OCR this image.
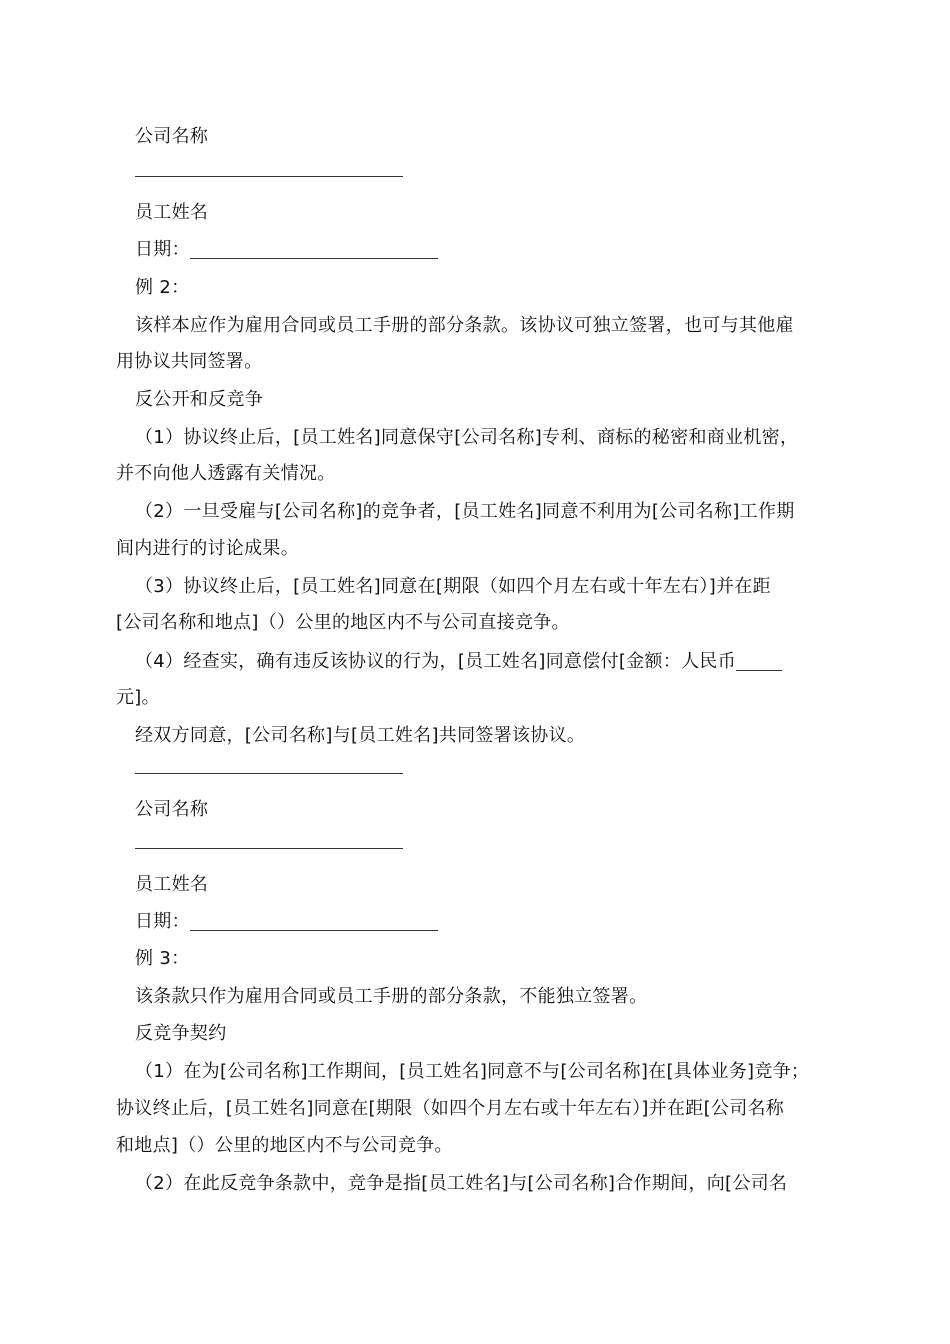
公司名称
员工姓名
日期：
例 2：
该样本应作为雇用合同或员工手册的部分条款。该协议可独立签署，也可与其他雇
用协议共同签署。
反公开和反竞争
（1）协议终止后，[员工姓名]同意保守[公司名称]专利、商标的秘密和商业机密，
并不向他人透露有关情况。
（2）一旦受雇与[公司名称]的竞争者，[员工姓名]同意不利用为[公司名称]工作期
间内进行的讨论成果。
（3）协议终止后，[员工姓名]同意在[期限（如四个月左右或十年左右）]并在距
[公司名称和地点]（）公里的地区内不与公司直接竞争。
（4）经查实，确有违反该协议的行为，[员工姓名]同意偿付[金额：人民币
元]。
经双方同意，[公司名称]与[员工姓名]共同签署该协议。
公司名称
员工姓名
日期：
例 3：
该条款只作为雇用合同或员工手册的部分条款，不能独立签署。
反竞争契约
（1）在为[公司名称]工作期间，[员工姓名]同意不与[公司名称]在[具体业务]竞争；
协议终止后，[员工姓名]同意在[期限（如四个月左右或十年左右）]并在距[公司名称
和地点]（）公里的地区内不与公司竞争。
（2）在此反竞争条款中，竞争是指[员工姓名]与[公司名称]合作期间，向[公司名
